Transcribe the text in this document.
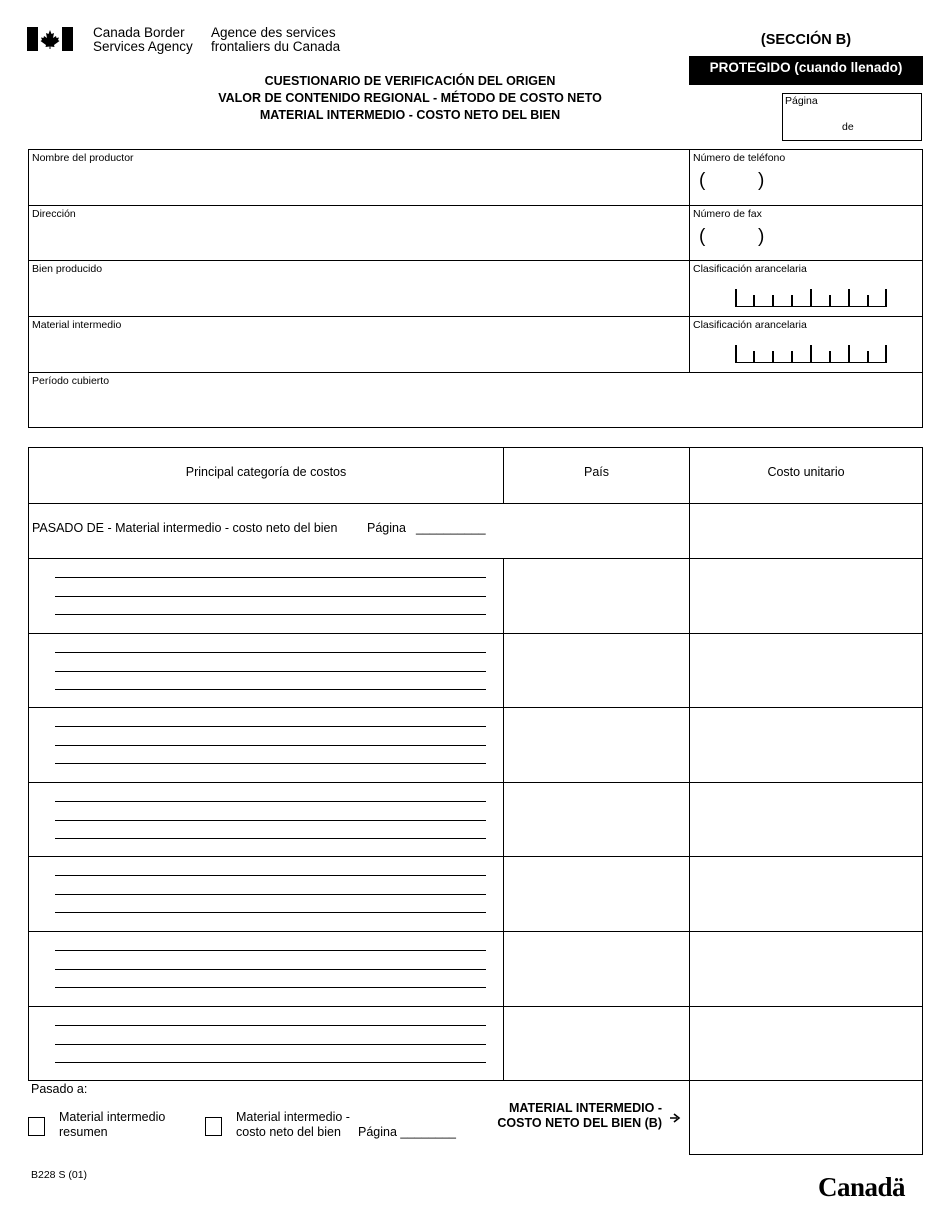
Canada Border
Services Agency
Agence des services
frontaliers du Canada	(SECCIÓN B)
PROTEGIDO (cuando llenado)
CUESTIONARIO DE VERIFICACIÓN DEL ORIGEN
VALOR DE CONTENIDO REGIONAL - MÉTODO DE COSTO NETO
MATERIAL INTERMEDIO - COSTO NETO DEL BIEN
Página
de
Nombre del productor	Número de teléfono
(	)
Dirección	Número de fax
(	)
Bien producido	Clasificación arancelaria
Material intermedio	Clasificación arancelaria
Período cubierto
Principal categoría de costos	País	Costo unitario
PASADO DE - Material intermedio - costo neto del bien Página __________
Pasado a:
Material intermedio
resumen
Material intermedio -
costo neto del bien	Página ________
MATERIAL INTERMEDIO -
COSTO NETO DEL BIEN (B)
B228 S (01)	Canadä
